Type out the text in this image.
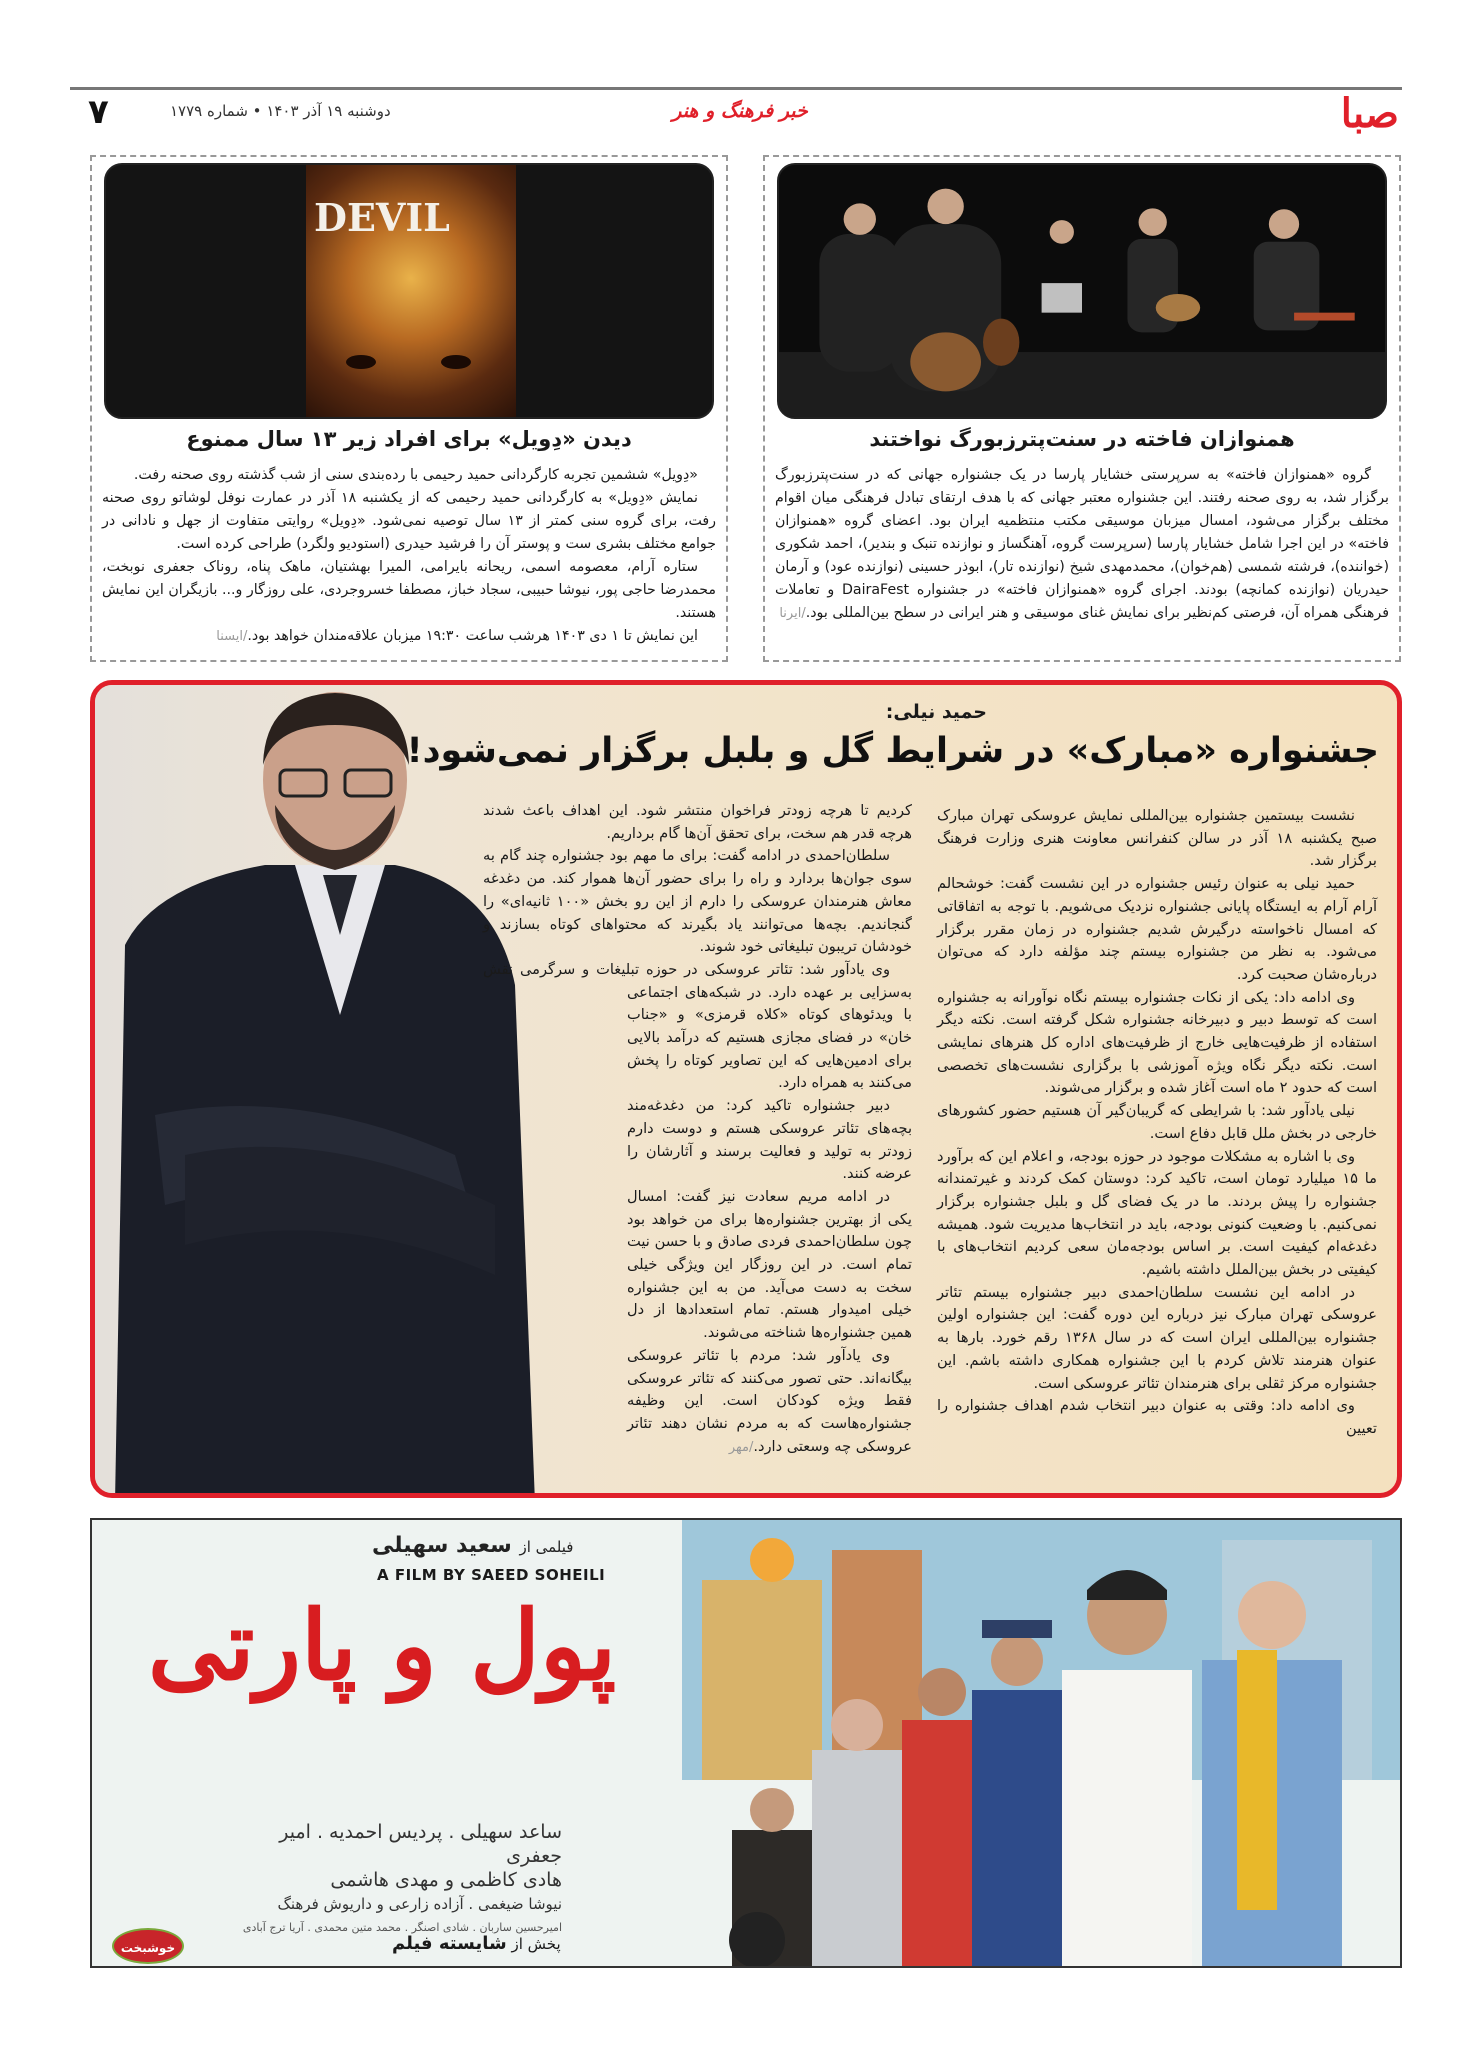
صبا
خبر فرهنگ و هنر
دوشنبه ۱۹ آذر ۱۴۰۳ • شماره ۱۷۷۹
۷
همنوازان فاخته در سنت‌پترزبورگ نواختند

گروه «همنوازان فاخته» به سرپرستی خشایار پارسا در یک جشنواره جهانی که در سنت‌پترزبورگ برگزار شد، به روی صحنه رفتند. این جشنواره معتبر جهانی که با هدف ارتقای تبادل فرهنگی میان اقوام مختلف برگزار می‌شود، امسال میزبان موسیقی مکتب منتظمیه ایران بود. اعضای گروه «همنوازان فاخته» در این اجرا شامل خشایار پارسا (سرپرست گروه، آهنگساز و نوازنده تنبک و بندیر)، احمد شکوری (خواننده)، فرشته شمسی (هم‌خوان)، محمدمهدی شیخ (نوازنده تار)، ابوذر حسینی (نوازنده عود) و آرمان حیدریان (نوازنده کمانچه) بودند. اجرای گروه «همنوازان فاخته» در جشنواره DairaFest و تعاملات فرهنگی همراه آن، فرصتی کم‌نظیر برای نمایش غنای موسیقی و هنر ایرانی در سطح بین‌المللی بود./ایرنا

DEVIL
دیدن «دِویل» برای افراد زیر ۱۳ سال ممنوع

«دِویل» ششمین تجربه کارگردانی حمید رحیمی با رده‌بندی سنی از شب گذشته روی صحنه رفت.

نمایش «دِویل» به کارگردانی حمید رحیمی که از یکشنبه ۱۸ آذر در عمارت نوفل لوشاتو روی صحنه رفت، برای گروه سنی کمتر از ۱۳ سال توصیه نمی‌شود. «دِویل» روایتی متفاوت از جهل و نادانی در جوامع مختلف بشری ست و پوستر آن را فرشید حیدری (استودیو ولگرد) طراحی کرده است.

ستاره آرام، معصومه اسمی، ریحانه بایرامی، المیرا بهشتیان، ماهک پناه، روناک جعفری نوبخت، محمدرضا حاجی پور، نیوشا حبیبی، سجاد خباز، مصطفا خسروجردی، علی روزگار و... بازیگران این نمایش هستند.

این نمایش تا ۱ دی ۱۴۰۳ هرشب ساعت ۱۹:۳۰ میزبان علاقه‌مندان خواهد بود./ایسنا

حمید نیلی:
جشنواره «مبارک» در شرایط گل و بلبل برگزار نمی‌شود!

نشست بیستمین جشنواره بین‌المللی نمایش عروسکی تهران مبارک صبح یکشنبه ۱۸ آذر در سالن کنفرانس معاونت هنری وزارت فرهنگ برگزار شد.

حمید نیلی به عنوان رئیس جشنواره در این نشست گفت: خوشحالم آرام آرام به ایستگاه پایانی جشنواره نزدیک می‌شویم. با توجه به اتفاقاتی که امسال ناخواسته درگیرش شدیم جشنواره در زمان مقرر برگزار می‌شود. به نظر من جشنواره بیستم چند مؤلفه دارد که می‌توان درباره‌شان صحبت کرد.

وی ادامه داد: یکی از نکات جشنواره بیستم نگاه نوآورانه به جشنواره است که توسط دبیر و دبیرخانه جشنواره شکل گرفته است. نکته دیگر استفاده از ظرفیت‌هایی خارج از ظرفیت‌های اداره کل هنرهای نمایشی است. نکته دیگر نگاه ویژه آموزشی با برگزاری نشست‌های تخصصی است که حدود ۲ ماه است آغاز شده و برگزار می‌شوند.

نیلی یادآور شد: با شرایطی که گریبان‌گیر آن هستیم حضور کشورهای خارجی در بخش ملل قابل دفاع است.

وی با اشاره به مشکلات موجود در حوزه بودجه، و اعلام این که برآورد ما ۱۵ میلیارد تومان است، تاکید کرد: دوستان کمک کردند و غیرتمندانه جشنواره را پیش بردند. ما در یک فضای گل و بلبل جشنواره برگزار نمی‌کنیم. با وضعیت کنونی بودجه، باید در انتخاب‌ها مدیریت شود. همیشه دغدغه‌ام کیفیت است. بر اساس بودجه‌مان سعی کردیم انتخاب‌های با کیفیتی در بخش بین‌الملل داشته باشیم.

در ادامه این نشست سلطان‌احمدی دبیر جشنواره بیستم تئاتر عروسکی تهران مبارک نیز درباره این دوره گفت: این جشنواره اولین جشنواره بین‌المللی ایران است که در سال ۱۳۶۸ رقم خورد. بارها به عنوان هنرمند تلاش کردم با این جشنواره همکاری داشته باشم. این جشنواره مرکز ثقلی برای هنرمندان تئاتر عروسکی است.

وی ادامه داد: وقتی به عنوان دبیر انتخاب شدم اهداف جشنواره را تعیین

کردیم تا هرچه زودتر فراخوان منتشر شود. این اهداف باعث شدند هرچه قدر هم سخت، برای تحقق آن‌ها گام برداریم.

سلطان‌احمدی در ادامه گفت: برای ما مهم بود جشنواره چند گام به سوی جوان‌ها بردارد و راه را برای حضور آن‌ها هموار کند. من دغدغه معاش هنرمندان عروسکی را دارم از این رو بخش «۱۰۰ ثانیه‌ای» را گنجاندیم. بچه‌ها می‌توانند یاد بگیرند که محتواهای کوتاه بسازند و خودشان تریبون تبلیغاتی خود شوند.

وی یادآور شد: تئاتر عروسکی در حوزه تبلیغات و سرگرمی نقش به‌سزایی بر عهده دارد. در شبکه‌های اجتماعی با ویدئوهای کوتاه «کلاه قرمزی» و «جناب خان» در فضای مجازی هستیم که درآمد بالایی برای ادمین‌هایی که این تصاویر کوتاه را پخش می‌کنند به همراه دارد.

دبیر جشنواره تاکید کرد: من دغدغه‌مند بچه‌های تئاتر عروسکی هستم و دوست دارم زودتر به تولید و فعالیت برسند و آثارشان را عرضه کنند.

در ادامه مریم سعادت نیز گفت: امسال یکی از بهترین جشنواره‌ها برای من خواهد بود چون سلطان‌احمدی فردی صادق و با حسن نیت تمام است. در این روزگار این ویژگی خیلی سخت به دست می‌آید. من به این جشنواره خیلی امیدوار هستم. تمام استعدادها از دل همین جشنواره‌ها شناخته می‌شوند.

وی یادآور شد: مردم با تئاتر عروسکی بیگانه‌اند. حتی تصور می‌کنند که تئاتر عروسکی فقط ویژه کودکان است. این وظیفه جشنواره‌هاست که به مردم نشان دهند تئاتر عروسکی چه وسعتی دارد./مهر

فیلمی از سعید سهیلی
A FILM BY SAEED SOHEILI
پول و پارتی
ساعد سهیلی . پردیس احمدیه . امیر جعفری
هادی کاظمی و مهدی هاشمی
نیوشا ضیغمی . آزاده زارعی و داریوش فرهنگ
امیرحسین ساربان . شادی اصنگر . محمد متین محمدی . آریا ترج آبادی
پخش از شایسته فیلم
خوشبخت
